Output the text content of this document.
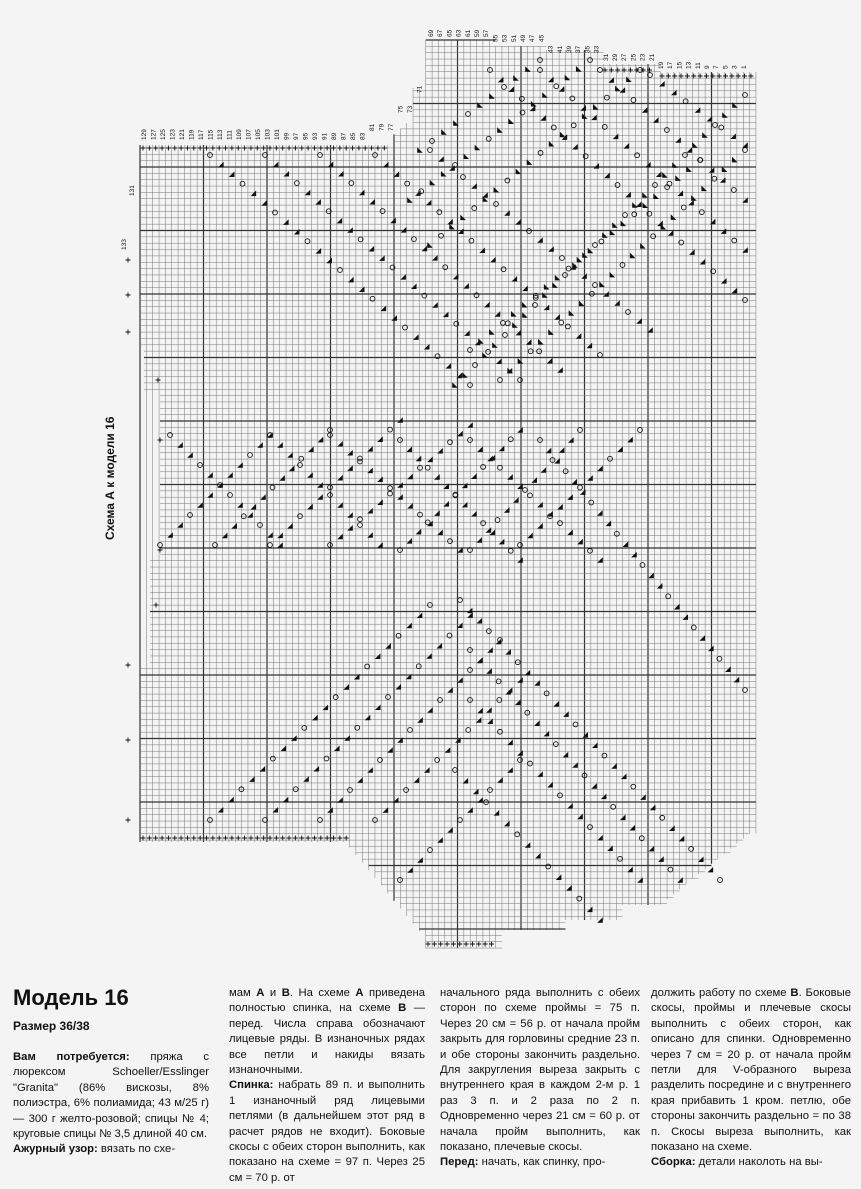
69 67 65 63 61 59 57
55 53 51 49 47 45
43 41 39 37 35 33
31 29 27 25 23 21
19 17 15 13 11 9 7 5 3 1
129 127 125 123 121 119 117 115 113 111 109 107 105 103 101 99 97 95 93 91 89 87 85 83
81 79 77
75 73
71
131
133
Схема А к модели 16
Модель 16
Размер 36/38

Вам потребуется: пряжа с люрексом Schoeller/Esslinger "Granita" (86% вискозы, 8% полиэстра, 6% полиамида; 43 м/25 г) — 300 г желто-розовой; спицы № 4; круговые спицы № 3,5 длиной 40 см.

Ажурный узор: вязать по схе-

мам А и В. На схеме А приведена полностью спинка, на схеме В — перед. Числа справа обозначают лицевые ряды. В изнаночных рядах все петли и накиды вязать изнаночными.

Спинка: набрать 89 п. и выполнить 1 изнаночный ряд лицевыми петлями (в дальнейшем этот ряд в расчет рядов не входит). Боковые скосы с обеих сторон выполнить, как показано на схеме = 97 п. Через 25 см = 70 р. от

начального ряда выполнить с обеих сторон по схеме проймы = 75 п. Через 20 см = 56 р. от начала пройм закрыть для горловины средние 23 п. и обе стороны закончить раздельно. Для закругления выреза закрыть с внутреннего края в каждом 2-м р. 1 раз 3 п. и 2 раза по 2 п. Одновременно через 21 см = 60 р. от начала пройм выполнить, как показано, плечевые скосы.

Перед: начать, как спинку, про-

должить работу по схеме В. Боковые скосы, проймы и плечевые скосы выполнить с обеих сторон, как описано для спинки. Одновременно через 7 см = 20 р. от начала пройм петли для V-образного выреза разделить посредине и с внутреннего края прибавить 1 кром. петлю, обе стороны закончить раздельно = по 38 п. Скосы выреза выполнить, как показано на схеме.

Сборка: детали наколоть на вы-
